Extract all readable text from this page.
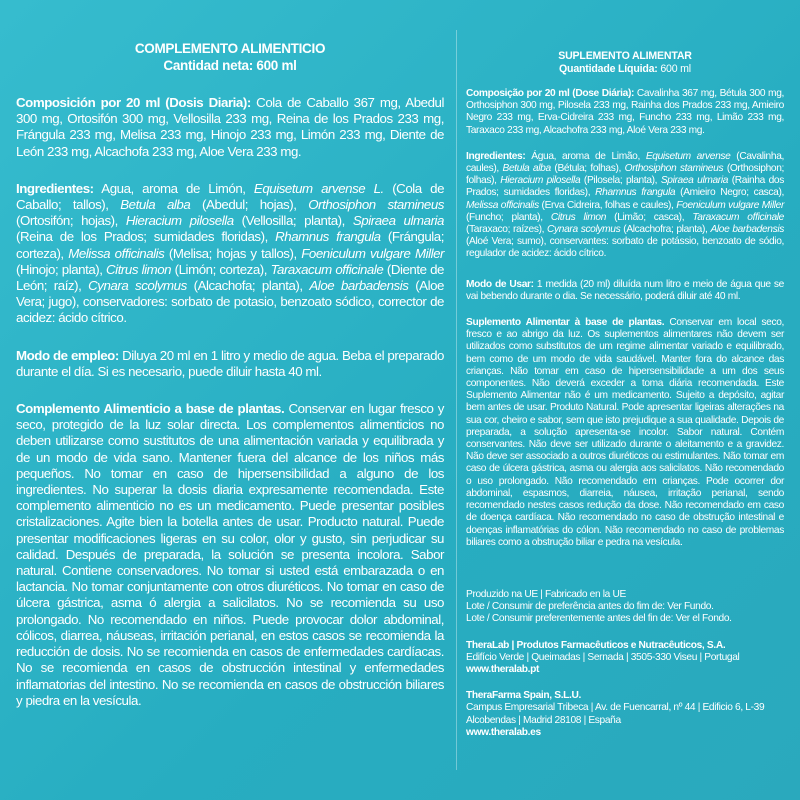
COMPLEMENTO ALIMENTICIO
Cantidad neta: 600 ml

Composición por 20 ml (Dosis Diaria): Cola de Caballo 367 mg, Abedul 300 mg, Ortosifón 300 mg, Vellosilla 233 mg, Reina de los Prados 233 mg, Frángula 233 mg, Melisa 233 mg, Hinojo 233 mg, Limón 233 mg, Diente de León 233 mg, Alcachofa 233 mg, Aloe Vera 233 mg.

Ingredientes: Agua, aroma de Limón, Equisetum arvense L. (Cola de Caballo; tallos), Betula alba (Abedul; hojas), Orthosiphon stamineus (Ortosifón; hojas), Hieracium pilosella (Vellosilla; planta), Spiraea ulmaria (Reina de los Prados; sumidades floridas), Rhamnus frangula (Frángula; corteza), Melissa officinalis (Melisa; hojas y tallos), Foeniculum vulgare Miller (Hinojo; planta), Citrus limon (Limón; corteza), Taraxacum officinale (Diente de León; raíz), Cynara scolymus (Alcachofa; planta), Aloe barbadensis (Aloe Vera; jugo), conservadores: sorbato de potasio, benzoato sódico, corrector de acidez: ácido cítrico.

Modo de empleo: Diluya 20 ml en 1 litro y medio de agua. Beba el preparado durante el día. Si es necesario, puede diluir hasta 40 ml.

Complemento Alimenticio a base de plantas. Conservar en lugar fresco y seco, protegido de la luz solar directa. Los complementos alimenticios no deben utilizarse como sustitutos de una alimentación variada y equilibrada y de un modo de vida sano. Mantener fuera del alcance de los niños más pequeños. No tomar en caso de hipersensibilidad a alguno de los ingredientes. No superar la dosis diaria expresamente recomendada. Este complemento alimenticio no es un medicamento. Puede presentar posibles cristalizaciones. Agite bien la botella antes de usar. Producto natural. Puede presentar modificaciones ligeras en su color, olor y gusto, sin perjudicar su calidad. Después de preparada, la solución se presenta incolora. Sabor natural. Contiene conservadores. No tomar si usted está embarazada o en lactancia. No tomar conjuntamente con otros diuréticos. No tomar en caso de úlcera gástrica, asma ó alergia a salicilatos. No se recomienda su uso prolongado. No recomendado en niños. Puede provocar dolor abdominal, cólicos, diarrea, náuseas, irritación perianal, en estos casos se recomienda la reducción de dosis. No se recomienda en casos de enfermedades cardíacas. No se recomienda en casos de obstrucción intestinal y enfermedades inflamatorias del intestino. No se recomienda en casos de obstrucción biliares y piedra en la vesícula.

SUPLEMENTO ALIMENTAR
Quantidade Líquida: 600 ml

Composição por 20 ml (Dose Diária): Cavalinha 367 mg, Bétula 300 mg, Orthosiphon 300 mg, Pilosela 233 mg, Rainha dos Prados 233 mg, Amieiro Negro 233 mg, Erva-Cidreira 233 mg, Funcho 233 mg, Limão 233 mg, Taraxaco 233 mg, Alcachofra 233 mg, Aloé Vera 233 mg.

Ingredientes: Água, aroma de Limão, Equisetum arvense (Cavalinha, caules), Betula alba (Bétula; folhas), Orthosiphon stamineus (Orthosiphon; folhas), Hieracium pilosella (Pilosela; planta), Spiraea ulmaria (Rainha dos Prados; sumidades floridas), Rhamnus frangula (Amieiro Negro; casca), Melissa officinalis (Erva Cidreira, folhas e caules), Foeniculum vulgare Miller (Funcho; planta), Citrus limon (Limão; casca), Taraxacum officinale (Taraxaco; raízes), Cynara scolymus (Alcachofra; planta), Aloe barbadensis (Aloé Vera; sumo), conservantes: sorbato de potássio, benzoato de sódio, regulador de acidez: ácido cítrico.

Modo de Usar: 1 medida (20 ml) diluída num litro e meio de água que se vai bebendo durante o dia. Se necessário, poderá diluir até 40 ml.

Suplemento Alimentar à base de plantas. Conservar em local seco, fresco e ao abrigo da luz. Os suplementos alimentares não devem ser utilizados como substitutos de um regime alimentar variado e equilibrado, bem como de um modo de vida saudável. Manter fora do alcance das crianças. Não tomar em caso de hipersensibilidade a um dos seus componentes. Não deverá exceder a toma diária recomendada. Este Suplemento Alimentar não é um medicamento. Sujeito a depósito, agitar bem antes de usar. Produto Natural. Pode apresentar ligeiras alterações na sua cor, cheiro e sabor, sem que isto prejudique a sua qualidade. Depois de preparada, a solução apresenta-se incolor. Sabor natural. Contém conservantes. Não deve ser utilizado durante o aleitamento e a gravidez. Não deve ser associado a outros diuréticos ou estimulantes. Não tomar em caso de úlcera gástrica, asma ou alergia aos salicilatos. Não recomendado o uso prolongado. Não recomendado em crianças. Pode ocorrer dor abdominal, espasmos, diarreia, náusea, irritação perianal, sendo recomendado nestes casos redução da dose. Não recomendado em caso de doença cardíaca. Não recomendado no caso de obstrução intestinal e doenças inflamatórias do cólon. Não recomendado no caso de problemas biliares como a obstrução biliar e pedra na vesícula.

Produzido na UE | Fabricado en la UE
Lote / Consumir de preferência antes do fim de: Ver Fundo.
Lote / Consumir preferentemente antes del fin de: Ver el Fondo.

TheraLab | Produtos Farmacêuticos e Nutracêuticos, S.A.
Edifício Verde | Queimadas | Sernada | 3505-330 Viseu | Portugal
www.theralab.pt

TheraFarma Spain, S.L.U.
Campus Empresarial Tribeca | Av. de Fuencarral, nº 44 | Edificio 6, L-39
Alcobendas | Madrid 28108 | España
www.theralab.es
